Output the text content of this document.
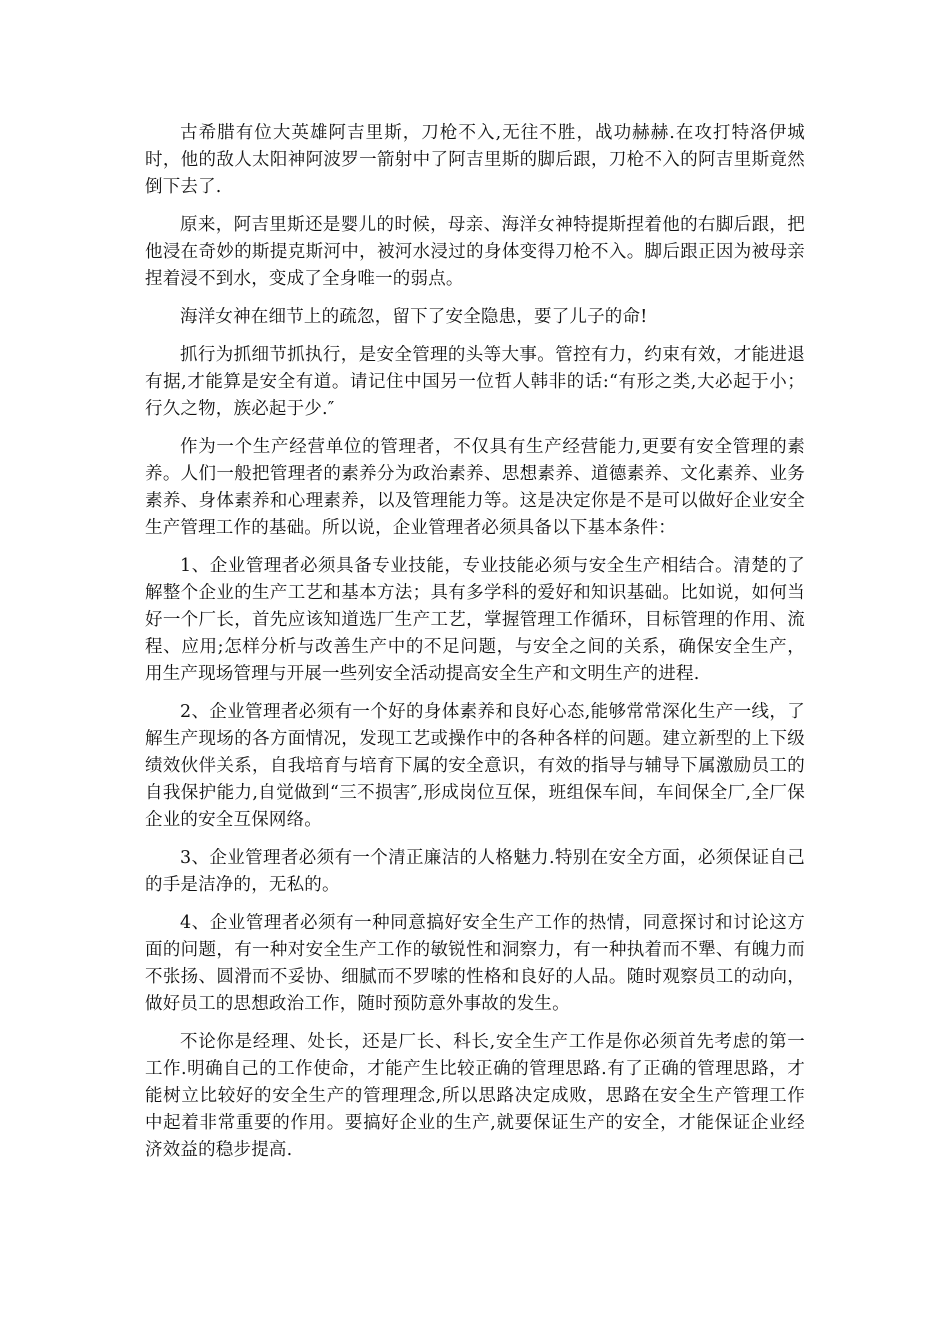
古希腊有位大英雄阿吉里斯，刀枪不入,无往不胜，战功赫赫.在攻打特洛伊城时，他的敌人太阳神阿波罗一箭射中了阿吉里斯的脚后跟，刀枪不入的阿吉里斯竟然倒下去了.

原来，阿吉里斯还是婴儿的时候，母亲、海洋女神特提斯捏着他的右脚后跟，把他浸在奇妙的斯提克斯河中，被河水浸过的身体变得刀枪不入。脚后跟正因为被母亲捏着浸不到水，变成了全身唯一的弱点。

海洋女神在细节上的疏忽，留下了安全隐患，要了儿子的命!

抓行为抓细节抓执行，是安全管理的头等大事。管控有力，约束有效，才能进退有据,才能算是安全有道。请记住中国另一位哲人韩非的话:“有形之类,大必起于小；行久之物，族必起于少.″

作为一个生产经营单位的管理者，不仅具有生产经营能力,更要有安全管理的素养。人们一般把管理者的素养分为政治素养、思想素养、道德素养、文化素养、业务素养、身体素养和心理素养，以及管理能力等。这是决定你是不是可以做好企业安全生产管理工作的基础。所以说，企业管理者必须具备以下基本条件：

1、企业管理者必须具备专业技能，专业技能必须与安全生产相结合。清楚的了解整个企业的生产工艺和基本方法；具有多学科的爱好和知识基础。比如说，如何当好一个厂长，首先应该知道选厂生产工艺，掌握管理工作循环，目标管理的作用、流程、应用;怎样分析与改善生产中的不足问题，与安全之间的关系，确保安全生产，用生产现场管理与开展一些列安全活动提高安全生产和文明生产的进程.

2、企业管理者必须有一个好的身体素养和良好心态,能够常常深化生产一线，了解生产现场的各方面情况，发现工艺或操作中的各种各样的问题。建立新型的上下级绩效伙伴关系，自我培育与培育下属的安全意识，有效的指导与辅导下属激励员工的自我保护能力,自觉做到“三不损害″,形成岗位互保，班组保车间，车间保全厂,全厂保企业的安全互保网络。

3、企业管理者必须有一个清正廉洁的人格魅力.特别在安全方面，必须保证自己的手是洁净的，无私的。

4、企业管理者必须有一种同意搞好安全生产工作的热情，同意探讨和讨论这方面的问题，有一种对安全生产工作的敏锐性和洞察力，有一种执着而不犟、有魄力而不张扬、圆滑而不妥协、细腻而不罗嗦的性格和良好的人品。随时观察员工的动向，做好员工的思想政治工作，随时预防意外事故的发生。

不论你是经理、处长，还是厂长、科长,安全生产工作是你必须首先考虑的第一工作.明确自己的工作使命，才能产生比较正确的管理思路.有了正确的管理思路，才能树立比较好的安全生产的管理理念,所以思路决定成败，思路在安全生产管理工作中起着非常重要的作用。要搞好企业的生产,就要保证生产的安全，才能保证企业经济效益的稳步提高.
